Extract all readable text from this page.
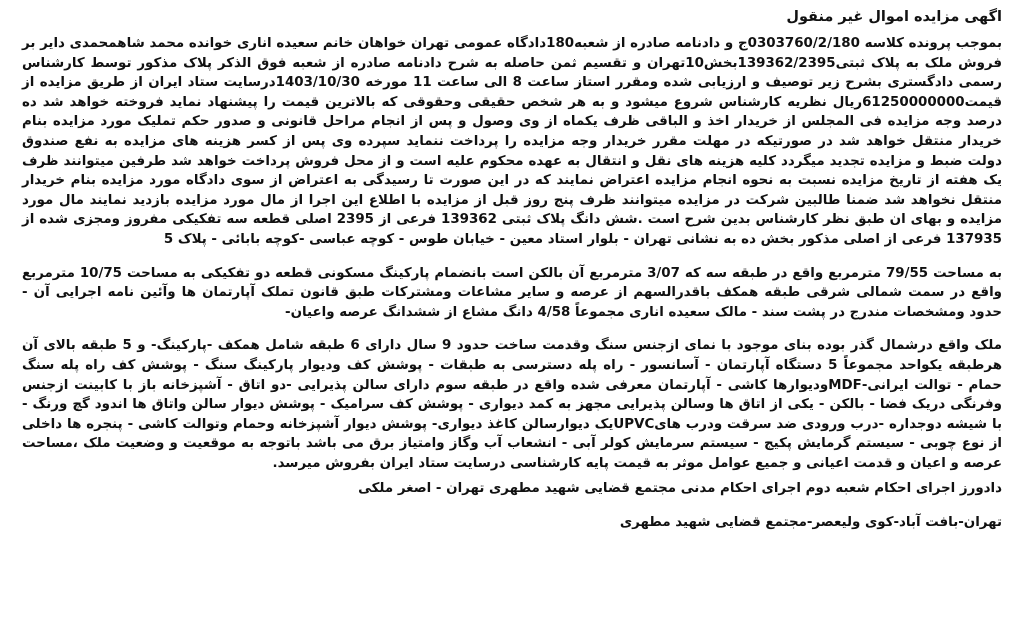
اگهی مزایده اموال غیر منقول
بموجب پرونده کلاسه 0303760/2/180ج و دادنامه صادره از شعبه180دادگاه عمومی تهران خواهان خانم سعیده اناری خوانده محمد شاهمحمدی دایر بر فروش ملک به پلاک ثبتی139362/2395بخش10تهران و تقسیم ثمن حاصله به شرح دادنامه صادره از شعبه فوق الذکر پلاک مذکور توسط کارشناس رسمی دادگستری بشرح زیر توصیف و ارزیابی شده ومقرر استاز ساعت 8 الی ساعت 11 مورخه 1403/10/30درسایت ستاد ایران از طریق مزایده از قیمت61250000000ریال نظریه کارشناس شروع میشود و به هر شخص حقیقی وحقوقی که بالاترین قیمت را پیشنهاد نماید فروخته خواهد شد ده درصد وجه مزایده فی المجلس از خریدار اخذ و الباقی ظرف یکماه از وی وصول و پس از انجام مراحل قانونی و صدور حکم تملیک مورد مزایده بنام خریدار منتقل خواهد شد در صورتیکه در مهلت مقرر خریدار وجه مزایده را پرداخت ننماید سپرده وی پس از کسر هزینه های مزایده به نفع صندوق دولت ضبط و مزایده تجدید میگردد کلیه هزینه های نقل و انتقال به عهده محکوم علیه است و از محل فروش پرداخت خواهد شد طرفین میتوانند ظرف یک هفته از تاریخ مزایده نسبت به نحوه انجام مزایده اعتراض نمایند که در این صورت تا رسیدگی به اعتراض از سوی دادگاه مورد مزایده بنام خریدار منتقل نخواهد شد ضمنا طالبین شرکت در مزایده میتوانند ظرف پنج روز قبل از مزایده با اطلاع این اجرا از مال مورد مزایده بازدید نمایند مال مورد مزایده و بهای ان طبق نظر کارشناس بدین شرح است .شش دانگ پلاک ثبتی 139362 فرعی از 2395 اصلی قطعه سه تفکیکی مفروز ومجزی شده از 137935 فرعی از اصلی مذکور بخش ده به نشانی تهران - بلوار استاد معین - خیابان طوس - کوچه عباسی -کوچه بابائی - پلاک 5
به مساحت 79/55 مترمربع واقع در طبقه سه که 3/07 مترمربع آن بالکن است بانضمام پارکینگ مسکونی قطعه دو تفکیکی به مساحت 10/75 مترمربع واقع در سمت شمالی شرقی طبقه همکف باقدرالسهم از عرصه و سایر مشاعات ومشترکات طبق قانون تملک آپارتمان ها وآئین نامه اجرایی آن - حدود ومشخصات مندرج در پشت سند - مالک سعیده اناری مجموعاً 4/58 دانگ مشاع از ششدانگ عرصه واعیان-
ملک واقع درشمال گذر بوده بنای موجود با نمای ازجنس سنگ وقدمت ساخت حدود 9 سال دارای 6 طبقه شامل همکف -پارکینگ- و 5 طبقه بالای آن هرطبقه یکواحد مجموعاً 5 دستگاه آپارتمان - آسانسور - راه پله دسترسی به طبقات - پوشش کف ودیوار پارکینگ سنگ - پوشش کف راه پله سنگ حمام - توالت ایرانی-MDFودیوارها کاشی - آپارتمان معرفی شده واقع در طبقه سوم دارای سالن پذیرایی -دو اتاق - آشپزخانه باز با کابینت ازجنس وفرنگی دریک فضا - بالکن - یکی از اتاق ها وسالن پذیرایی مجهز به کمد دیواری - پوشش کف سرامیک - پوشش دیوار سالن واتاق ها اندود گچ ورنگ - با شیشه دوجداره -درب ورودی ضد سرقت ودرب هایUPVCیک دیوارسالن کاغذ دیواری- پوشش دیوار آشپزخانه وحمام وتوالت کاشی - پنجره ها داخلی از نوع چوبی - سیستم گرمایش پکیج - سیستم سرمایش کولر آبی - انشعاب آب وگاز وامتیاز برق می باشد باتوجه به موقعیت و وضعیت ملک ،مساحت عرصه و اعیان و قدمت اعیانی و جمیع عوامل موثر به قیمت پایه کارشناسی درسایت ستاد ایران بفروش میرسد.
دادورز اجرای احکام شعبه دوم اجرای احکام مدنی مجتمع قضایی شهید مطهری تهران - اصغر ملکی
تهران-بافت آباد-کوی ولیعصر-مجتمع قضایی شهید مطهری
